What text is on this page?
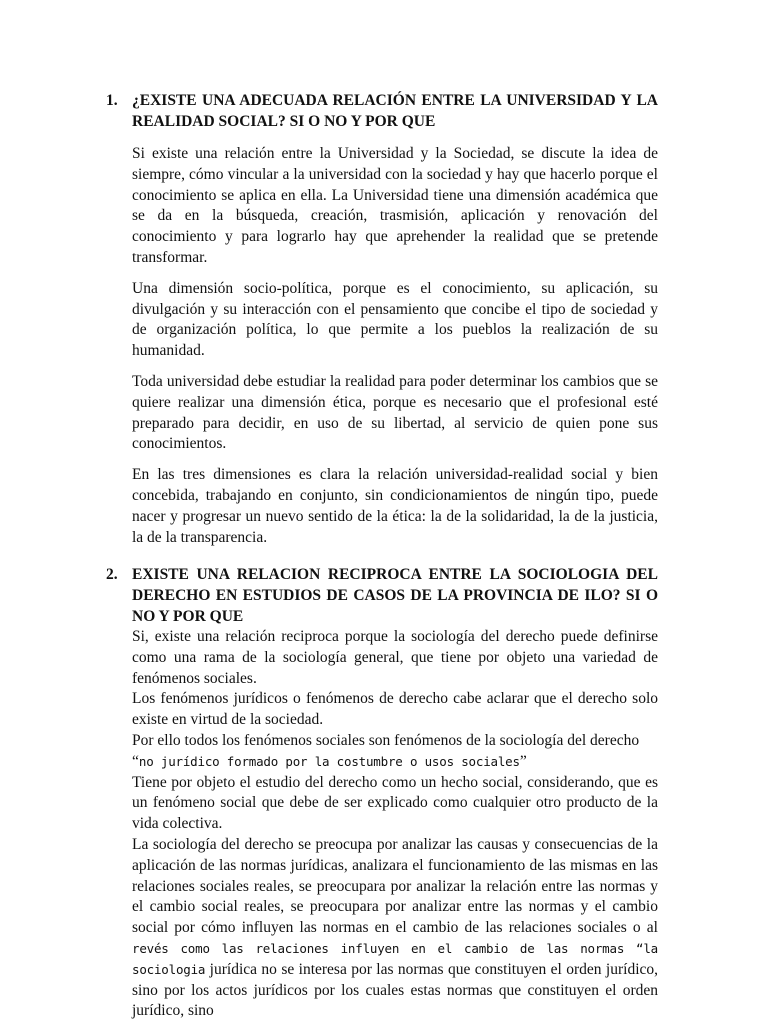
1. ¿EXISTE UNA ADECUADA RELACIÓN ENTRE LA UNIVERSIDAD Y LA REALIDAD SOCIAL? SI O NO Y POR QUE

Si existe una relación entre la Universidad y la Sociedad, se discute la idea de siempre, cómo vincular a la universidad con la sociedad y hay que hacerlo porque el conocimiento se aplica en ella. La Universidad tiene una dimensión académica que se da en la búsqueda, creación, trasmisión, aplicación y renovación del conocimiento y para lograrlo hay que aprehender la realidad que se pretende transformar.

Una dimensión socio-política, porque es el conocimiento, su aplicación, su divulgación y su interacción con el pensamiento que concibe el tipo de sociedad y de organización política, lo que permite a los pueblos la realización de su humanidad.

Toda universidad debe estudiar la realidad para poder determinar los cambios que se quiere realizar una dimensión ética, porque es necesario que el profesional esté preparado para decidir, en uso de su libertad, al servicio de quien pone sus conocimientos.

En las tres dimensiones es clara la relación universidad-realidad social y bien concebida, trabajando en conjunto, sin condicionamientos de ningún tipo, puede nacer y progresar un nuevo sentido de la ética: la de la solidaridad, la de la justicia, la de la transparencia.

2. EXISTE UNA RELACION RECIPROCA ENTRE LA SOCIOLOGIA DEL DERECHO EN ESTUDIOS DE CASOS DE LA PROVINCIA DE ILO? SI O NO Y POR QUE

Si, existe una relación reciproca porque la sociología del derecho puede definirse como una rama de la sociología general, que tiene por objeto una variedad de fenómenos sociales.

Los fenómenos jurídicos o fenómenos de derecho cabe aclarar que el derecho solo existe en virtud de la sociedad.

Por ello todos los fenómenos sociales son fenómenos de la sociología del derecho

“no jurídico formado por la costumbre o usos sociales”

Tiene por objeto el estudio del derecho como un hecho social, considerando, que es un fenómeno social que debe de ser explicado como cualquier otro producto de la vida colectiva.

La sociología del derecho se preocupa por analizar las causas y consecuencias de la aplicación de las normas jurídicas, analizara el funcionamiento de las mismas en las relaciones sociales reales, se preocupara por analizar la relación entre las normas y el cambio social reales, se preocupara por analizar entre las normas y el cambio social por cómo influyen las normas en el cambio de las relaciones sociales o al revés como las relaciones influyen en el cambio de las normas “la sociologia jurídica no se interesa por las normas que constituyen el orden jurídico, sino por los actos jurídicos por los cuales estas normas que constituyen el orden jurídico, sino
